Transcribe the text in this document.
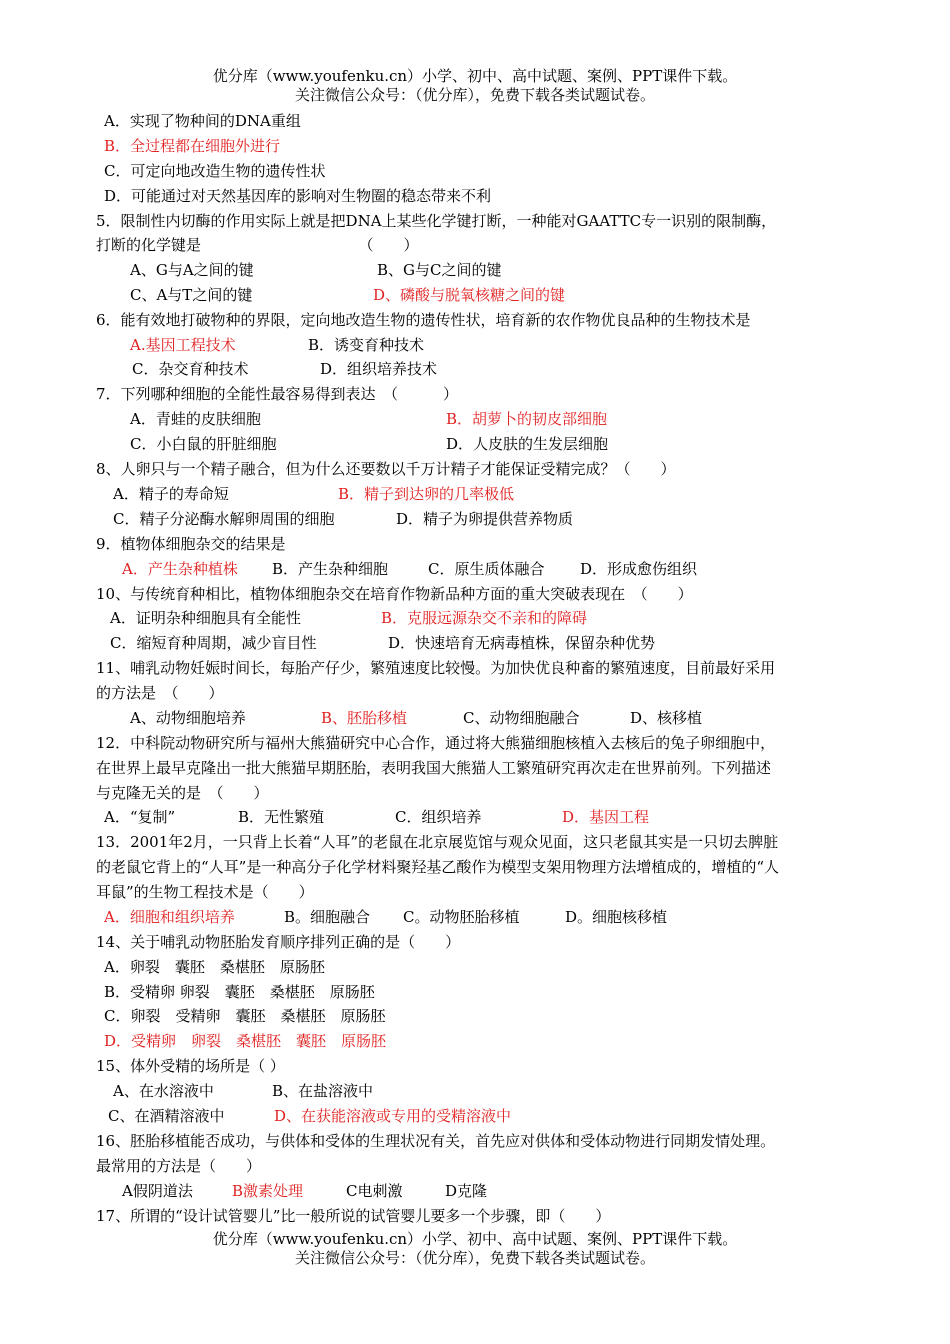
优分库（www.youfenku.cn）小学、初中、高中试题、案例、PPT课件下载。
关注微信公众号：（优分库），免费下载各类试题试卷。
A．实现了物种间的DNA重组
B．全过程都在细胞外进行
C．可定向地改造生物的遗传性状
D．可能通过对天然基因库的影响对生物圈的稳态带来不利
5．限制性内切酶的作用实际上就是把DNA上某些化学键打断，一种能对GAATTC专一识别的限制酶，
打断的化学键是　　　　　　　　　　　（　　）
A、G与A之间的键	B、G与C之间的键
C、A与T之间的键	D、磷酸与脱氧核糖之间的键
6．能有效地打破物种的界限，定向地改造生物的遗传性状，培育新的农作物优良品种的生物技术是
A.基因工程技术	B．诱变育种技术
C．杂交育种技术	D．组织培养技术
7．下列哪种细胞的全能性最容易得到表达　（　　　）
A．青蛙的皮肤细胞	B．胡萝卜的韧皮部细胞
C．小白鼠的肝脏细胞	D．人皮肤的生发层细胞
8、人卵只与一个精子融合，但为什么还要数以千万计精子才能保证受精完成？（　　）
A．精子的寿命短	B．精子到达卵的几率极低
C．精子分泌酶水解卵周围的细胞	D．精子为卵提供营养物质
9．植物体细胞杂交的结果是
A．产生杂种植株 B．产生杂种细胞	C．原生质体融合 D．形成愈伤组织
10、与传统育种相比，植物体细胞杂交在培育作物新品种方面的重大突破表现在　（　　）
A．证明杂种细胞具有全能性	B．克服远源杂交不亲和的障碍
C．缩短育种周期，减少盲目性	D．快速培育无病毒植株，保留杂种优势
11、哺乳动物妊娠时间长，每胎产仔少，繁殖速度比较慢。为加快优良种畜的繁殖速度，目前最好采用
的方法是　（　　）
A、动物细胞培养	B、胚胎移植	C、动物细胞融合	D、核移植
12．中科院动物研究所与福州大熊猫研究中心合作，通过将大熊猫细胞核植入去核后的兔子卵细胞中，
在世界上最早克隆出一批大熊猫早期胚胎，表明我国大熊猫人工繁殖研究再次走在世界前列。下列描述
与克隆无关的是　（　　）
A．“复制”	B．无性繁殖	C．组织培养	D．基因工程
13．2001年2月，一只背上长着“人耳”的老鼠在北京展览馆与观众见面，这只老鼠其实是一只切去脾脏
的老鼠它背上的“人耳”是一种高分子化学材料聚羟基乙酸作为模型支架用物理方法增植成的，增植的“人
耳鼠”的生物工程技术是（　　）
A．细胞和组织培养	B。细胞融合 C。动物胚胎移植	D。细胞核移植
14、关于哺乳动物胚胎发育顺序排列正确的是（　　）
A．卵裂　囊胚　桑椹胚　原肠胚
B．受精卵 卵裂　囊胚　桑椹胚　原肠胚
C．卵裂　受精卵　囊胚　桑椹胚　原肠胚
D．受精卵　卵裂　桑椹胚　囊胚　原肠胚
15、体外受精的场所是（ ）
A、在水溶液中	B、在盐溶液中
C、在酒精溶液中	D、在获能溶液或专用的受精溶液中
16、胚胎移植能否成功，与供体和受体的生理状况有关，首先应对供体和受体动物进行同期发情处理。
最常用的方法是（　　）
A假阴道法	B激素处理	C电刺激	D克隆
17、所谓的“设计试管婴儿”比一般所说的试管婴儿要多一个步骤，即（　　）
优分库（www.youfenku.cn）小学、初中、高中试题、案例、PPT课件下载。
关注微信公众号：（优分库），免费下载各类试题试卷。
